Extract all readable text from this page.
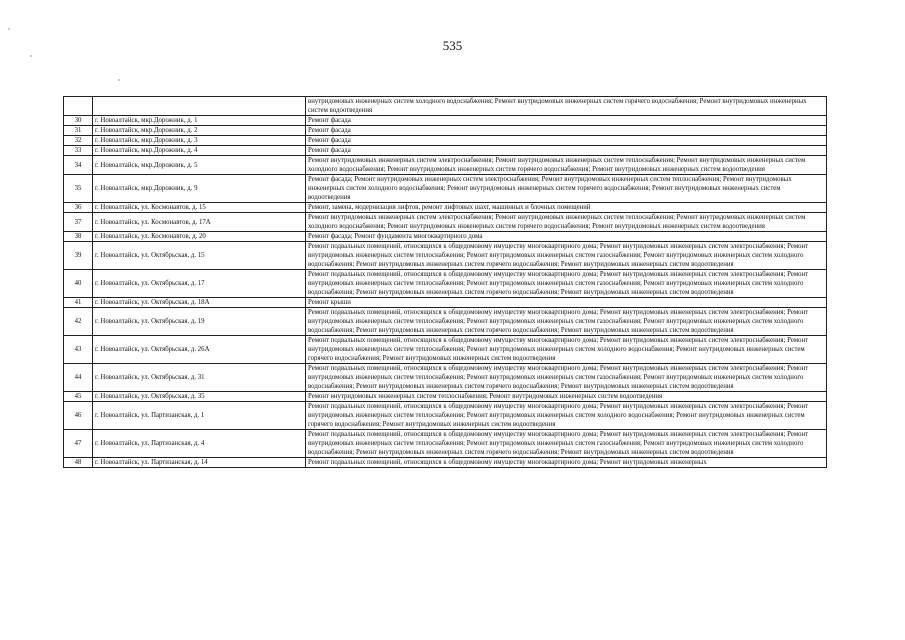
535
		внутридомовых инженерных систем холодного водоснабжения; Ремонт внутридомовых инженерных систем горячего водоснабжения; Ремонт внутридомовых инженерных систем водоотведения
30	г. Новоалтайск, мкр.Дорожник, д. 1	Ремонт фасада
31	г. Новоалтайск, мкр.Дорожник, д. 2	Ремонт фасада
32	г. Новоалтайск, мкр.Дорожник, д. 3	Ремонт фасада
33	г. Новоалтайск, мкр.Дорожник, д. 4	Ремонт фасада
34	г. Новоалтайск, мкр.Дорожник, д. 5	Ремонт внутридомовых инженерных систем электроснабжения; Ремонт внутридомовых инженерных систем теплоснабжения; Ремонт внутридомовых инженерных систем холодного водоснабжения; Ремонт внутридомовых инженерных систем горячего водоснабжения; Ремонт внутридомовых инженерных систем водоотведения
35	г. Новоалтайск, мкр.Дорожник, д. 9	Ремонт фасада; Ремонт внутридомовых инженерных систем электроснабжения; Ремонт внутридомовых инженерных систем теплоснабжения; Ремонт внутридомовых инженерных систем холодного водоснабжения; Ремонт внутридомовых инженерных систем горячего водоснабжения; Ремонт внутридомовых инженерных систем водоотведения
36	г. Новоалтайск, ул. Космонавтов, д. 15	Ремонт, замена, модернизация лифтов, ремонт лифтовых шахт, машинных и блочных помещений
37	г. Новоалтайск, ул. Космонавтов, д. 17А	Ремонт внутридомовых инженерных систем электроснабжения; Ремонт внутридомовых инженерных систем теплоснабжения; Ремонт внутридомовых инженерных систем холодного водоснабжения; Ремонт внутридомовых инженерных систем горячего водоснабжения; Ремонт внутридомовых инженерных систем водоотведения
38	г. Новоалтайск, ул. Космонавтов, д. 20	Ремонт фасада; Ремонт фундамента многоквартирного дома
39	г. Новоалтайск, ул. Октябрьская, д. 15	Ремонт подвальных помещений, относящихся к общедомовому имуществу многоквартирного дома; Ремонт внутридомовых инженерных систем электроснабжения; Ремонт внутридомовых инженерных систем теплоснабжения; Ремонт внутридомовых инженерных систем газоснабжения; Ремонт внутридомовых инженерных систем холодного водоснабжения; Ремонт внутридомовых инженерных систем горячего водоснабжения; Ремонт внутридомовых инженерных систем водоотведения
40	г. Новоалтайск, ул. Октябрьская, д. 17	Ремонт подвальных помещений, относящихся к общедомовому имуществу многоквартирного дома; Ремонт внутридомовых инженерных систем электроснабжения; Ремонт внутридомовых инженерных систем теплоснабжения; Ремонт внутридомовых инженерных систем газоснабжения; Ремонт внутридомовых инженерных систем холодного водоснабжения; Ремонт внутридомовых инженерных систем горячего водоснабжения; Ремонт внутридомовых инженерных систем водоотведения
41	г. Новоалтайск, ул. Октябрьская, д. 18А	Ремонт крыши
42	г. Новоалтайск, ул. Октябрьская, д. 19	Ремонт подвальных помещений, относящихся к общедомовому имуществу многоквартирного дома; Ремонт внутридомовых инженерных систем электроснабжения; Ремонт внутридомовых инженерных систем теплоснабжения; Ремонт внутридомовых инженерных систем газоснабжения; Ремонт внутридомовых инженерных систем холодного водоснабжения; Ремонт внутридомовых инженерных систем горячего водоснабжения; Ремонт внутридомовых инженерных систем водоотведения
43	г. Новоалтайск, ул. Октябрьская, д. 26А	Ремонт подвальных помещений, относящихся к общедомовому имуществу многоквартирного дома; Ремонт внутридомовых инженерных систем электроснабжения; Ремонт внутридомовых инженерных систем теплоснабжения; Ремонт внутридомовых инженерных систем холодного водоснабжения; Ремонт внутридомовых инженерных систем горячего водоснабжения; Ремонт внутридомовых инженерных систем водоотведения
44	г. Новоалтайск, ул. Октябрьская, д. 31	Ремонт подвальных помещений, относящихся к общедомовому имуществу многоквартирного дома; Ремонт внутридомовых инженерных систем электроснабжения; Ремонт внутридомовых инженерных систем теплоснабжения; Ремонт внутридомовых инженерных систем газоснабжения; Ремонт внутридомовых инженерных систем холодного водоснабжения; Ремонт внутридомовых инженерных систем горячего водоснабжения; Ремонт внутридомовых инженерных систем водоотведения
45	г. Новоалтайск, ул. Октябрьская, д. 35	Ремонт внутридомовых инженерных систем теплоснабжения; Ремонт внутридомовых инженерных систем водоотведения
46	г. Новоалтайск, ул. Партизанская, д. 1	Ремонт подвальных помещений, относящихся к общедомовому имуществу многоквартирного дома; Ремонт внутридомовых инженерных систем электроснабжения; Ремонт внутридомовых инженерных систем теплоснабжения; Ремонт внутридомовых инженерных систем холодного водоснабжения; Ремонт внутридомовых инженерных систем горячего водоснабжения; Ремонт внутридомовых инженерных систем водоотведения
47	г. Новоалтайск, ул. Партизанская, д. 4	Ремонт подвальных помещений, относящихся к общедомовому имуществу многоквартирного дома; Ремонт внутридомовых инженерных систем электроснабжения; Ремонт внутридомовых инженерных систем теплоснабжения; Ремонт внутридомовых инженерных систем газоснабжения; Ремонт внутридомовых инженерных систем холодного водоснабжения; Ремонт внутридомовых инженерных систем горячего водоснабжения; Ремонт внутридомовых инженерных систем водоотведения
48	г. Новоалтайск, ул. Партизанская, д. 14	Ремонт подвальных помещений, относящихся к общедомовому имуществу многоквартирного дома; Ремонт внутридомовых инженерных
